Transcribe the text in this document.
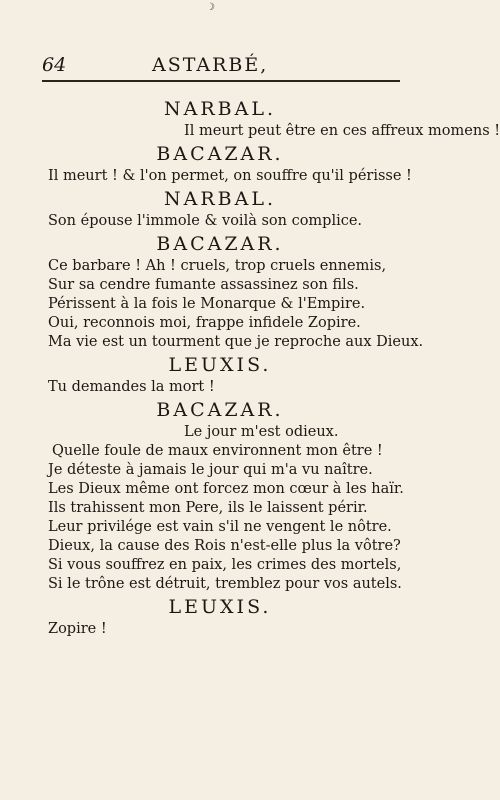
☽
64	ASTARBÉ,
NARBAL.
Il meurt peut être en ces affreux momens !
BACAZAR.
Il meurt ! & l'on permet, on souffre qu'il périsse !
NARBAL.
Son épouse l'immole & voilà son complice.
BACAZAR.
Ce barbare ! Ah ! cruels, trop cruels ennemis,
Sur sa cendre fumante assassinez son fils.
Périssent à la fois le Monarque & l'Empire.
Oui, reconnois moi, frappe infidele Zopire.
Ma vie est un tourment que je reproche aux Dieux.
LEUXIS.
Tu demandes la mort !
BACAZAR.
Le jour m'est odieux.
Quelle foule de maux environnent mon être !
Je déteste à jamais le jour qui m'a vu naître.
Les Dieux même ont forcez mon cœur à les haïr.
Ils trahissent mon Pere, ils le laissent périr.
Leur privilége est vain s'il ne vengent le nôtre.
Dieux, la cause des Rois n'est-elle plus la vôtre?
Si vous souffrez en paix, les crimes des mortels,
Si le trône est détruit, tremblez pour vos autels.
LEUXIS.
Zopire !
